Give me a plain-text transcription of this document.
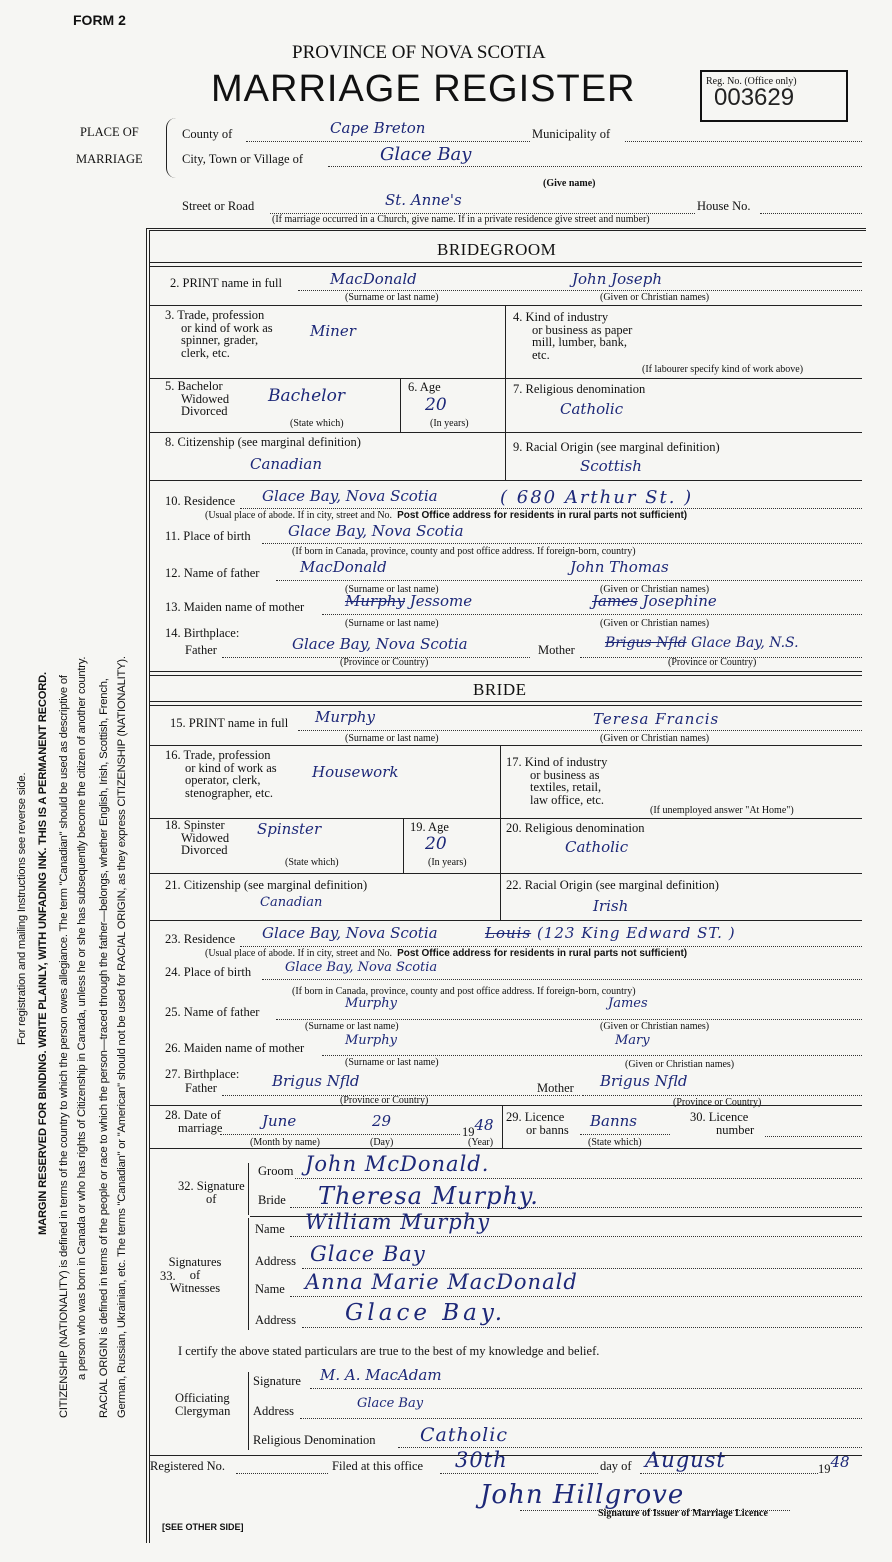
FORM 2
PROVINCE OF NOVA SCOTIA
MARRIAGE REGISTER	Reg. No. (Office only)
003629
PLACE OF
MARRIAGE
County of	Cape Breton	Municipality of
City, Town or Village of	Glace Bay
(Give name)
Street or Road	St. Anne's	House No.
(If marriage occurred in a Church, give name. If in a private residence give street and number)
For registration and mailing Instructions see reverse side. MARGIN RESERVED FOR BINDING. WRITE PLAINLY, WITH UNFADING INK. THIS IS A PERMANENT RECORD. CITIZENSHIP (NATIONALITY) is defined in terms of the country to which the person owes allegiance. The term "Canadian" should be used as descriptive of a person who was born in Canada or who has rights of Citizenship in Canada, unless he or she has subsequently become the citizen of another country. RACIAL ORIGIN is defined in terms of the people or race to which the person—traced through the father—belongs, whether English, Irish, Scottish, French, German, Russian, Ukrainian, etc. The terms "Canadian" or "American" should not be used for RACIAL ORIGIN, as they express CITIZENSHIP (NATIONALITY).
BRIDEGROOM
2. PRINT name in full	MacDonald	John Joseph
(Surname or last name)	(Given or Christian names)
3. Trade, profession
or kind of work as
spinner, grader,
clerk, etc.
Miner
4. Kind of industry
or business as paper
mill, lumber, bank,
etc.
(If labourer specify kind of work above)
5. Bachelor
Widowed
Divorced
Bachelor
(State which)
6. Age
20
(In years)
7. Religious denomination
Catholic
8. Citizenship (see marginal definition)
Canadian
9. Racial Origin (see marginal definition)
Scottish
10. Residence Glace Bay, Nova Scotia	( 680 Arthur St. )
(Usual place of abode. If in city, street and No. Post Office address for residents in rural parts not sufficient)
11. Place of birth Glace Bay, Nova Scotia
(If born in Canada, province, county and post office address. If foreign-born, country)
12. Name of father	MacDonald	John Thomas
(Surname or last name)	(Given or Christian names)
13. Maiden name of mother	Murphy Jessome	James Josephine
(Surname or last name)	(Given or Christian names)
14. Birthplace:
Father	Glace Bay, Nova Scotia	Mother Brigus Nfld Glace Bay, N.S.
(Province or Country)	(Province or Country)
BRIDE
15. PRINT name in full Murphy	Teresa Francis
(Surname or last name)	(Given or Christian names)
16. Trade, profession
or kind of work as
operator, clerk,
stenographer, etc.
Housework
17. Kind of industry
or business as
textiles, retail,
law office, etc.
(If unemployed answer "At Home")
18. Spinster
Widowed
Divorced
Spinster
(State which)
19. Age
20
(In years)
20. Religious denomination
Catholic
21. Citizenship (see marginal definition)
Canadian
22. Racial Origin (see marginal definition)
Irish
23. Residence Glace Bay, Nova Scotia	Louis (123 King Edward ST. )
(Usual place of abode. If in city, street and No. Post Office address for residents in rural parts not sufficient)
24. Place of birth	Glace Bay, Nova Scotia
(If born in Canada, province, county and post office address. If foreign-born, country)
25. Name of father
Murphy	James
(Surname or last name)	(Given or Christian names)
26. Maiden name of mother	Murphy	Mary
(Surname or last name)	(Given or Christian names)
27. Birthplace:
Father	Brigus Nfld	Mother Brigus Nfld
(Province or Country)	(Province or Country)
28. Date of
marriage	June	29
1948
(Month by name)	(Day)	(Year)
29. Licence
or banns Banns
(State which)
30. Licence
number
32. Signature
of
Groom John McDonald.
Bride Theresa Murphy.
Signatures
of
Witnesses
33.
Name William Murphy
Address Glace Bay
Name Anna Marie MacDonald
Address Glace Bay.
I certify the above stated particulars are true to the best of my knowledge and belief.
Officiating
Clergyman
Signature M. A. MacAdam
Address	Glace Bay
Religious Denomination Catholic
Registered No.	Filed at this office 30th	day of August	1948
John Hillgrove
Signature of Issuer of Marriage Licence
[SEE OTHER SIDE]
